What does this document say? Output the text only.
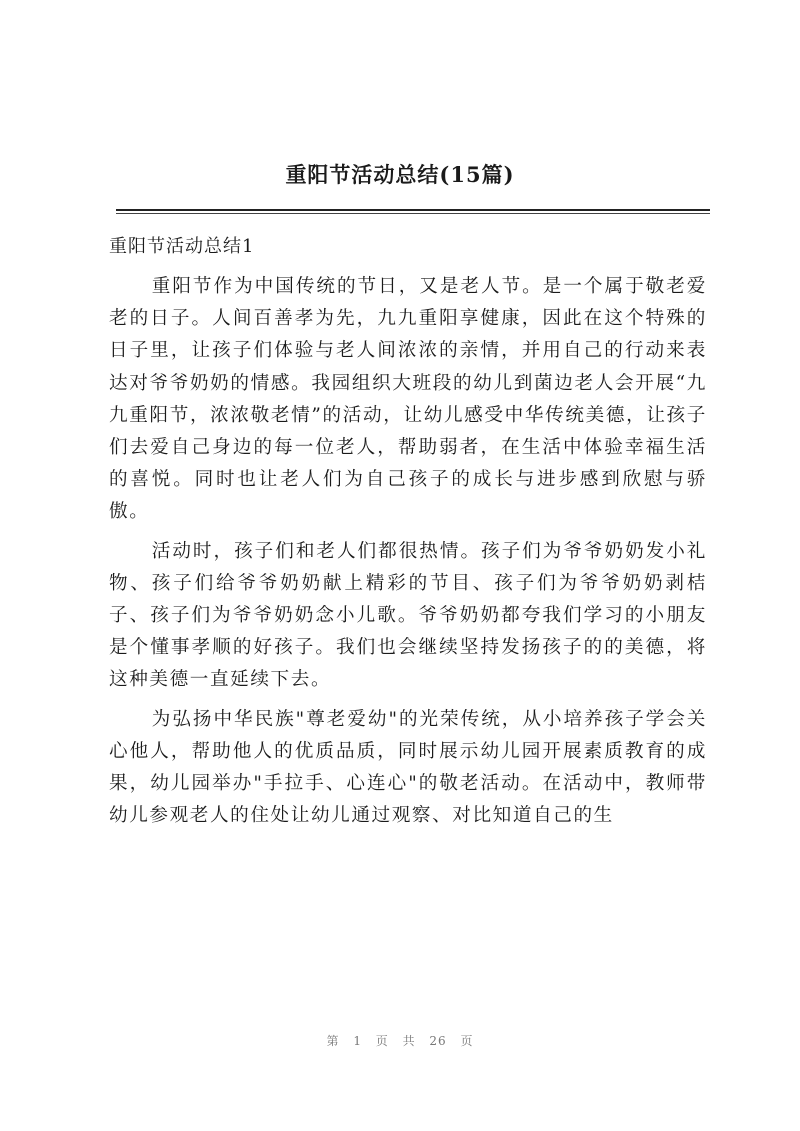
重阳节活动总结(15篇)
重阳节活动总结1

重阳节作为中国传统的节日，又是老人节。是一个属于敬老爱老的日子。人间百善孝为先，九九重阳享健康，因此在这个特殊的日子里，让孩子们体验与老人间浓浓的亲情，并用自己的行动来表达对爷爷奶奶的情感。我园组织大班段的幼儿到菌边老人会开展“九九重阳节，浓浓敬老情”的活动，让幼儿感受中华传统美德，让孩子们去爱自己身边的每一位老人，帮助弱者，在生活中体验幸福生活的喜悦。同时也让老人们为自己孩子的成长与进步感到欣慰与骄傲。

活动时，孩子们和老人们都很热情。孩子们为爷爷奶奶发小礼物、孩子们给爷爷奶奶献上精彩的节目、孩子们为爷爷奶奶剥桔子、孩子们为爷爷奶奶念小儿歌。爷爷奶奶都夸我们学习的小朋友是个懂事孝顺的好孩子。我们也会继续坚持发扬孩子的的美德，将这种美德一直延续下去。

为弘扬中华民族"尊老爱幼"的光荣传统，从小培养孩子学会关心他人，帮助他人的优质品质，同时展示幼儿园开展素质教育的成果，幼儿园举办"手拉手、心连心"的敬老活动。在活动中，教师带幼儿参观老人的住处让幼儿通过观察、对比知道自己的生

第 1 页 共 26 页
